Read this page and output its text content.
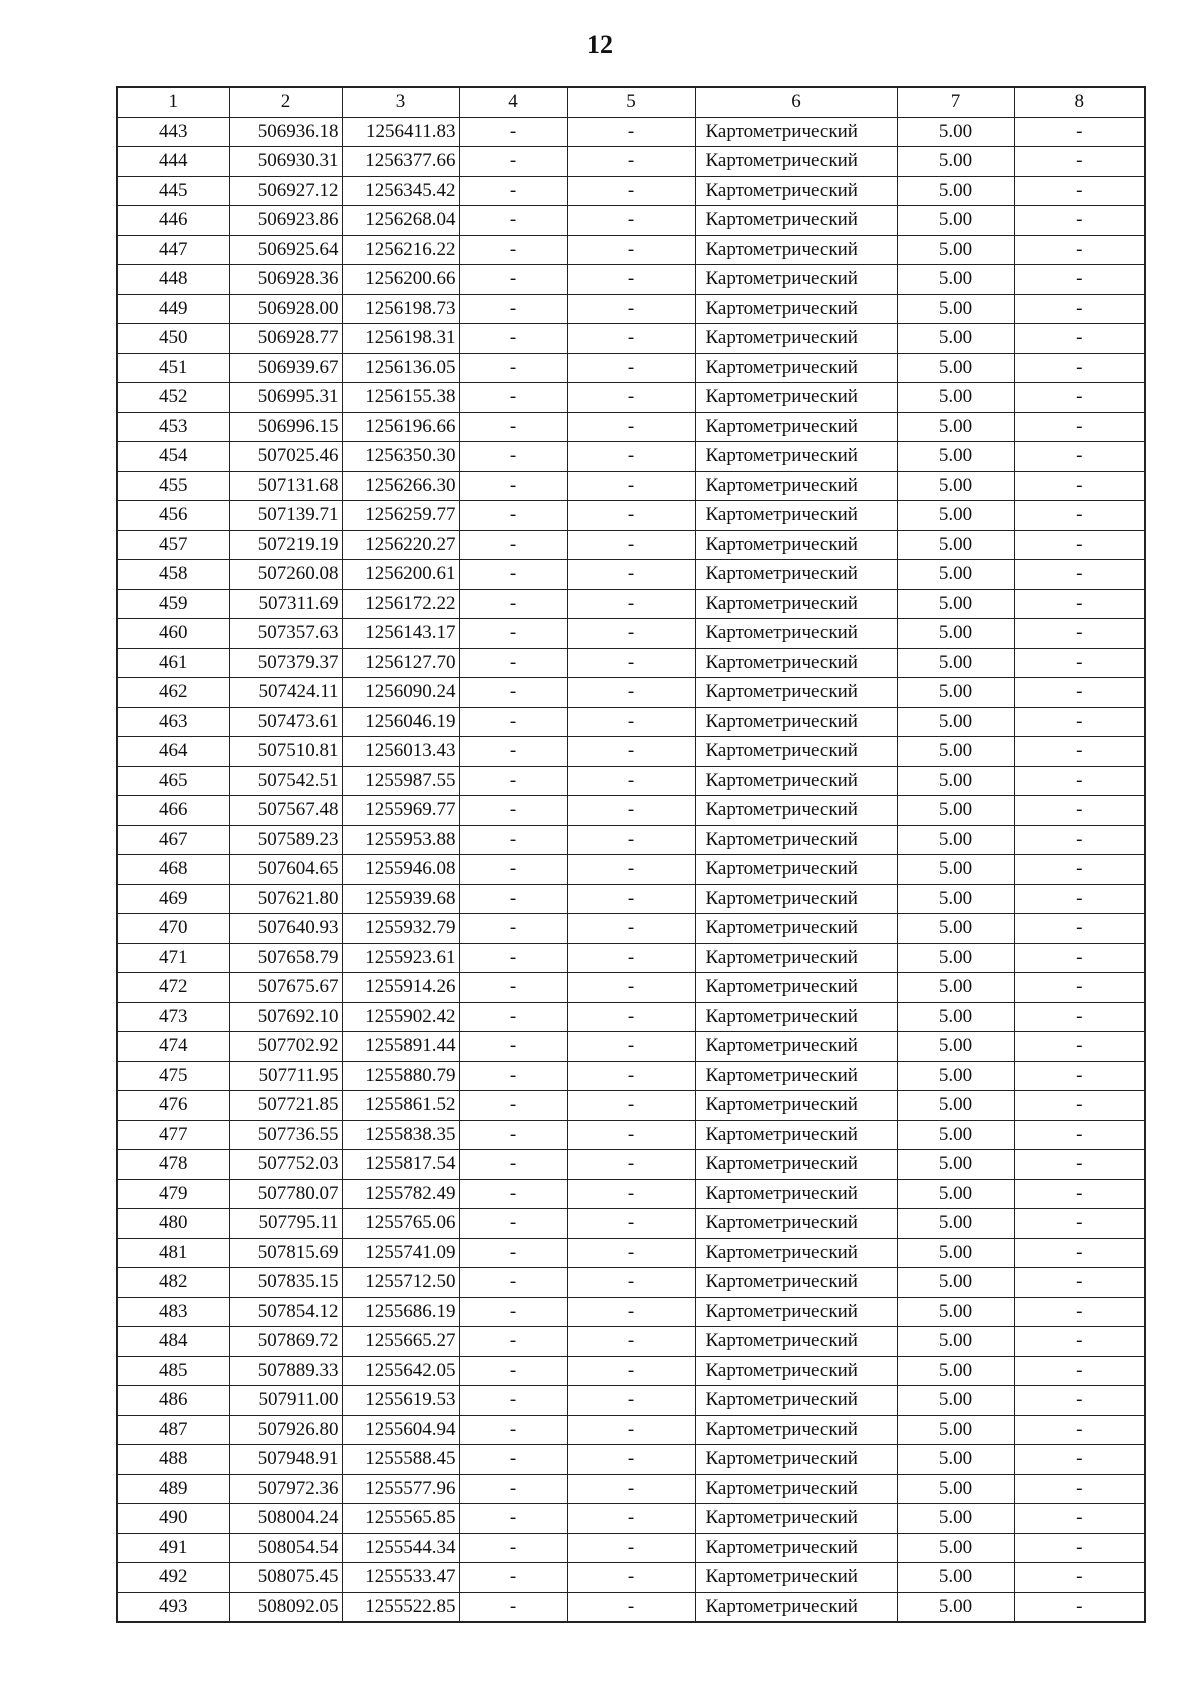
12
1	2	3	4	5	6	7	8
443	506936.18	1256411.83	-	-	Картометрический	5.00	-
444	506930.31	1256377.66	-	-	Картометрический	5.00	-
445	506927.12	1256345.42	-	-	Картометрический	5.00	-
446	506923.86	1256268.04	-	-	Картометрический	5.00	-
447	506925.64	1256216.22	-	-	Картометрический	5.00	-
448	506928.36	1256200.66	-	-	Картометрический	5.00	-
449	506928.00	1256198.73	-	-	Картометрический	5.00	-
450	506928.77	1256198.31	-	-	Картометрический	5.00	-
451	506939.67	1256136.05	-	-	Картометрический	5.00	-
452	506995.31	1256155.38	-	-	Картометрический	5.00	-
453	506996.15	1256196.66	-	-	Картометрический	5.00	-
454	507025.46	1256350.30	-	-	Картометрический	5.00	-
455	507131.68	1256266.30	-	-	Картометрический	5.00	-
456	507139.71	1256259.77	-	-	Картометрический	5.00	-
457	507219.19	1256220.27	-	-	Картометрический	5.00	-
458	507260.08	1256200.61	-	-	Картометрический	5.00	-
459	507311.69	1256172.22	-	-	Картометрический	5.00	-
460	507357.63	1256143.17	-	-	Картометрический	5.00	-
461	507379.37	1256127.70	-	-	Картометрический	5.00	-
462	507424.11	1256090.24	-	-	Картометрический	5.00	-
463	507473.61	1256046.19	-	-	Картометрический	5.00	-
464	507510.81	1256013.43	-	-	Картометрический	5.00	-
465	507542.51	1255987.55	-	-	Картометрический	5.00	-
466	507567.48	1255969.77	-	-	Картометрический	5.00	-
467	507589.23	1255953.88	-	-	Картометрический	5.00	-
468	507604.65	1255946.08	-	-	Картометрический	5.00	-
469	507621.80	1255939.68	-	-	Картометрический	5.00	-
470	507640.93	1255932.79	-	-	Картометрический	5.00	-
471	507658.79	1255923.61	-	-	Картометрический	5.00	-
472	507675.67	1255914.26	-	-	Картометрический	5.00	-
473	507692.10	1255902.42	-	-	Картометрический	5.00	-
474	507702.92	1255891.44	-	-	Картометрический	5.00	-
475	507711.95	1255880.79	-	-	Картометрический	5.00	-
476	507721.85	1255861.52	-	-	Картометрический	5.00	-
477	507736.55	1255838.35	-	-	Картометрический	5.00	-
478	507752.03	1255817.54	-	-	Картометрический	5.00	-
479	507780.07	1255782.49	-	-	Картометрический	5.00	-
480	507795.11	1255765.06	-	-	Картометрический	5.00	-
481	507815.69	1255741.09	-	-	Картометрический	5.00	-
482	507835.15	1255712.50	-	-	Картометрический	5.00	-
483	507854.12	1255686.19	-	-	Картометрический	5.00	-
484	507869.72	1255665.27	-	-	Картометрический	5.00	-
485	507889.33	1255642.05	-	-	Картометрический	5.00	-
486	507911.00	1255619.53	-	-	Картометрический	5.00	-
487	507926.80	1255604.94	-	-	Картометрический	5.00	-
488	507948.91	1255588.45	-	-	Картометрический	5.00	-
489	507972.36	1255577.96	-	-	Картометрический	5.00	-
490	508004.24	1255565.85	-	-	Картометрический	5.00	-
491	508054.54	1255544.34	-	-	Картометрический	5.00	-
492	508075.45	1255533.47	-	-	Картометрический	5.00	-
493	508092.05	1255522.85	-	-	Картометрический	5.00	-
